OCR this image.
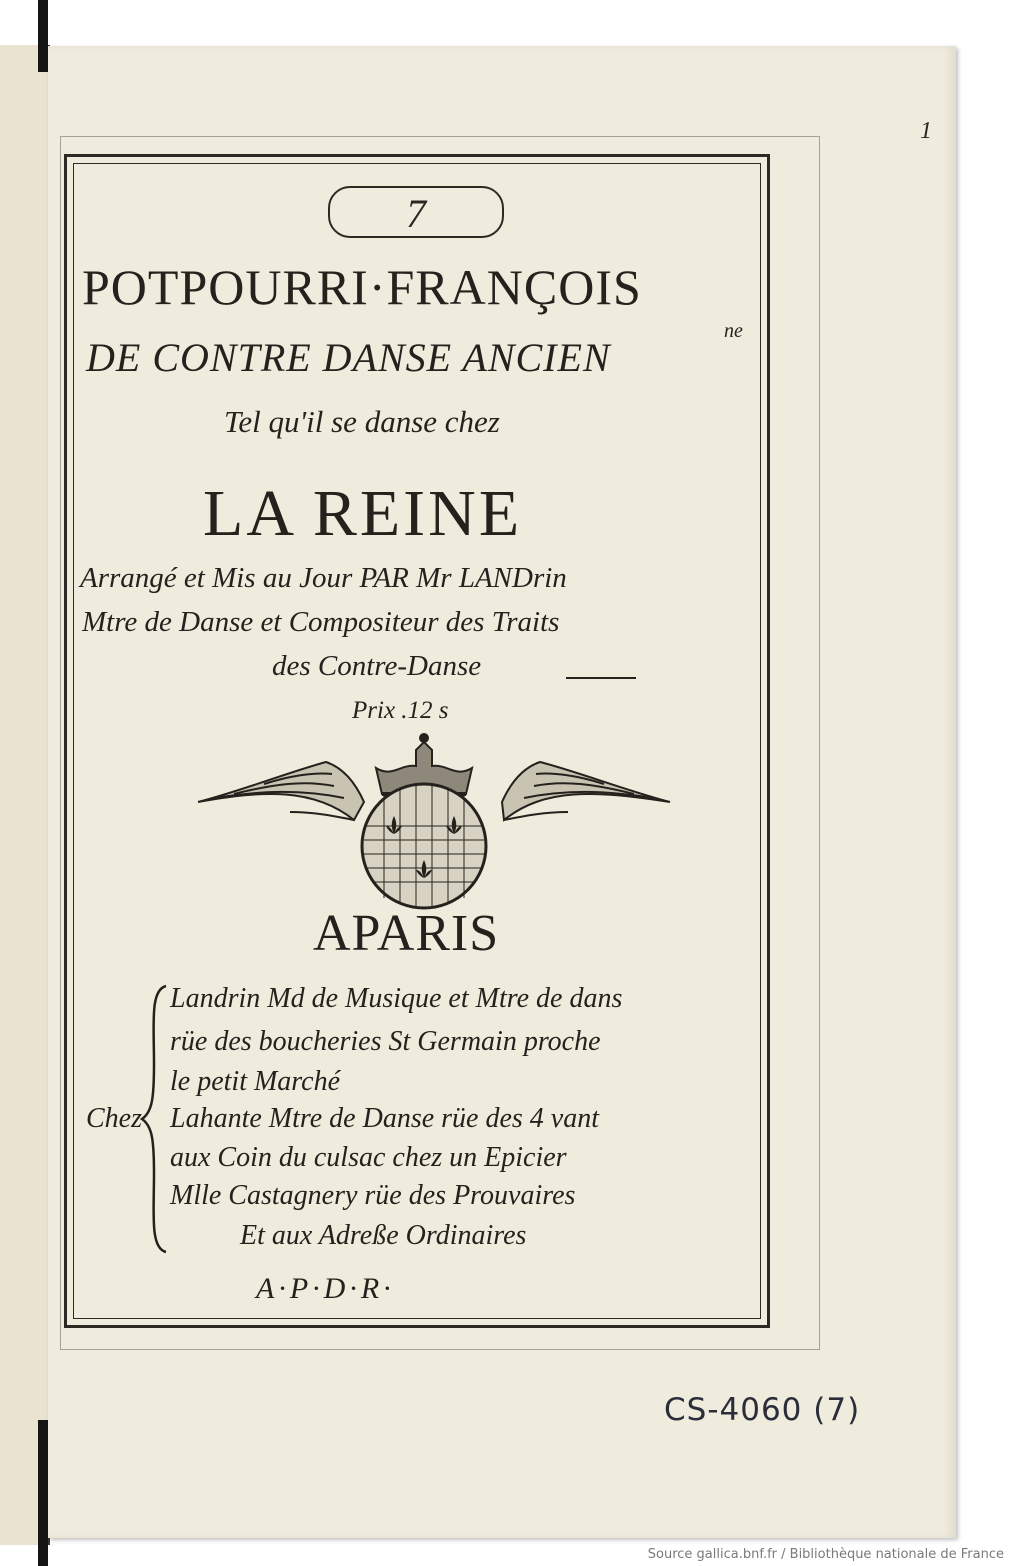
1
7
POTPOURRI·FRANÇOIS
DE CONTRE DANSE ANCIEN
ne
Tel qu'il se danse chez
LA REINE
Arrangé et Mis au Jour PAR Mr LANDrin
Mtre de Danse et Compositeur des Traits
des Contre-Danse
Prix .12 s
APARIS
Chez
Landrin Md de Musique et Mtre de dans
rüe des boucheries St Germain proche
le petit Marché
Lahante Mtre de Danse rüe des 4 vant
aux Coin du culsac chez un Epicier
Mlle Castagnery rüe des Prouvaires
Et aux Adreße Ordinaires
A·P·D·R·
CS-4060 (7)
Source gallica.bnf.fr / Bibliothèque nationale de France
